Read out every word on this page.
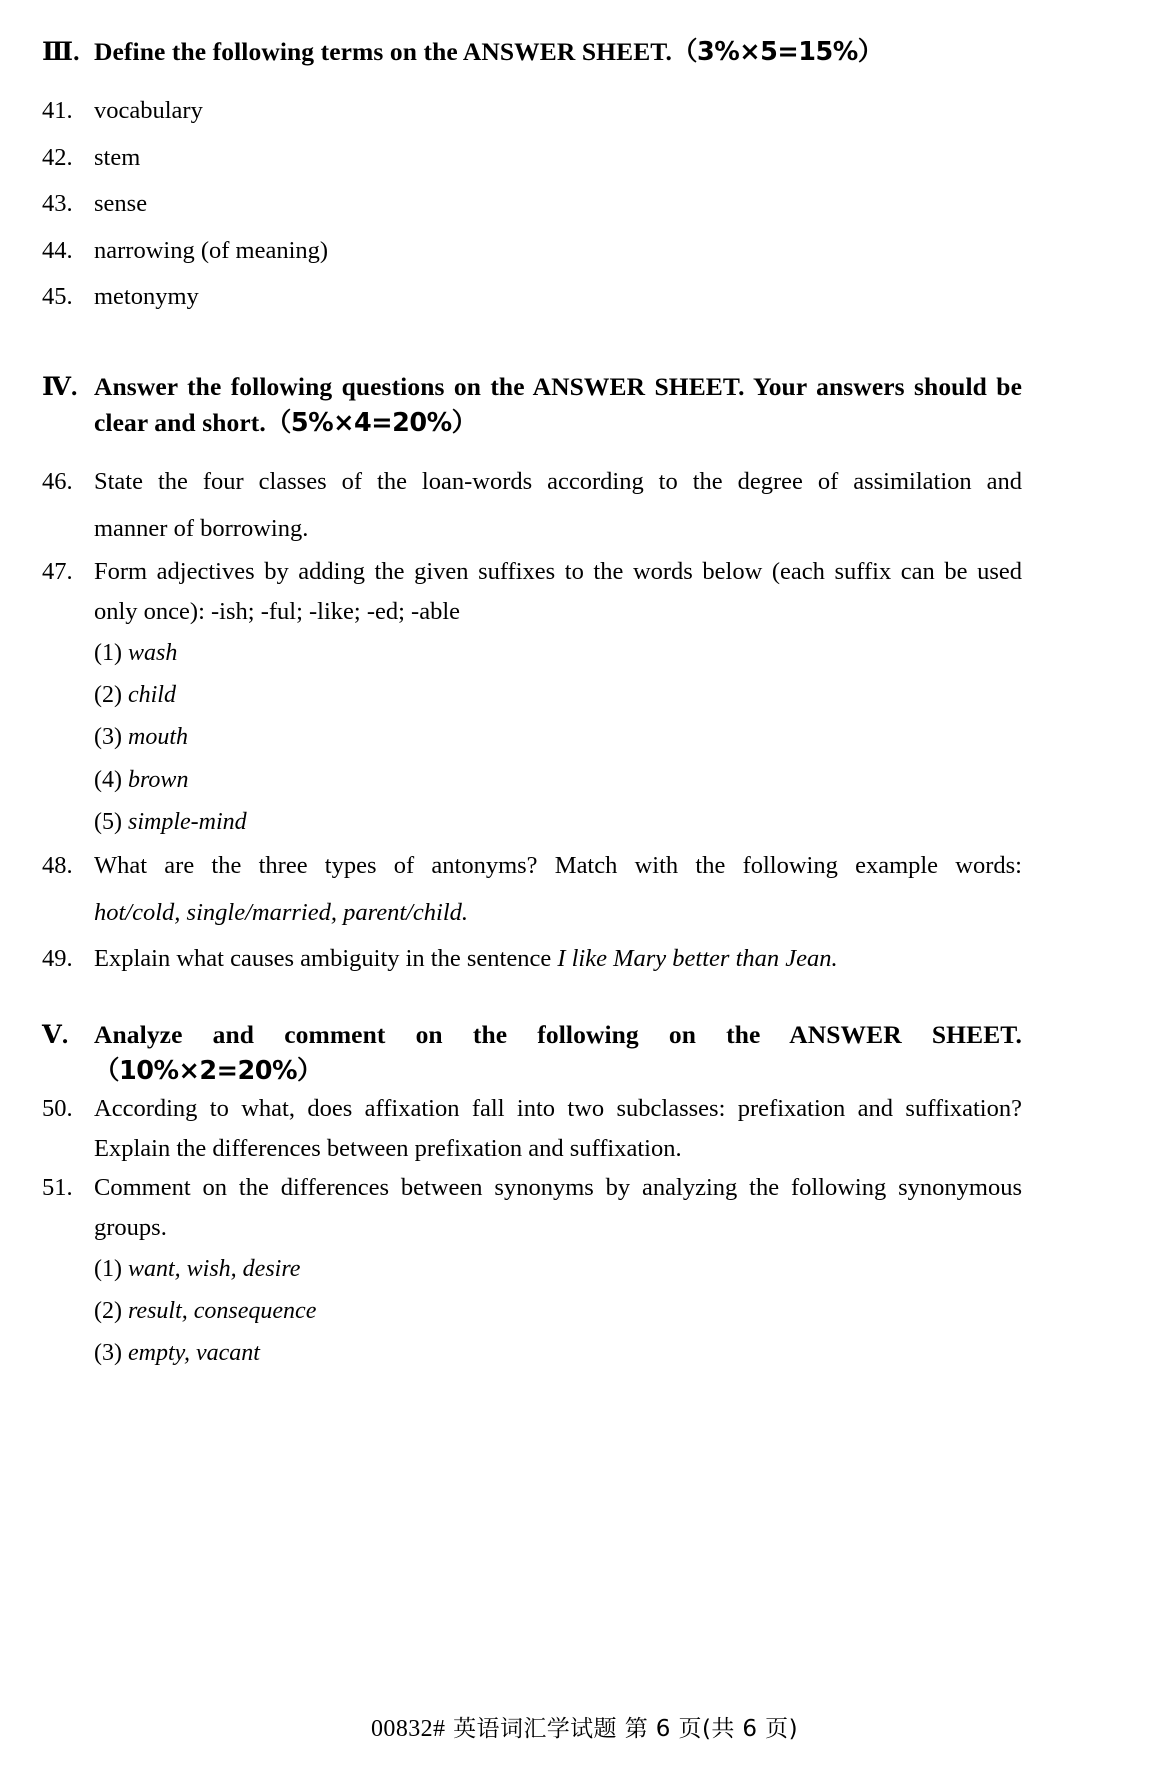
Ⅲ. Define the following terms on the ANSWER SHEET.（3%×5=15%）
41. vocabulary
42. stem
43. sense
44. narrowing (of meaning)
45. metonymy
Ⅳ. Answer the following questions on the ANSWER SHEET. Your answers should be clear and short.（5%×4=20%）
46. State the four classes of the loan-words according to the degree of assimilation and
manner of borrowing.
47. Form adjectives by adding the given suffixes to the words below (each suffix can be used
only once): -ish; -ful; -like; -ed; -able
(1) wash
(2) child
(3) mouth
(4) brown
(5) simple-mind
48. What are the three types of antonyms? Match with the following example words:
hot/cold, single/married, parent/child.
49. Explain what causes ambiguity in the sentence I like Mary better than Jean.
Ⅴ.	Analyze and comment on the following on the ANSWER SHEET.（10%×2=20%）
50. According to what, does affixation fall into two subclasses: prefixation and suffixation?
Explain the differences between prefixation and suffixation.
51. Comment on the differences between synonyms by analyzing the following synonymous
groups.
(1) want, wish, desire
(2) result, consequence
(3) empty, vacant
00832# 英语词汇学试题 第 6 页(共 6 页)
